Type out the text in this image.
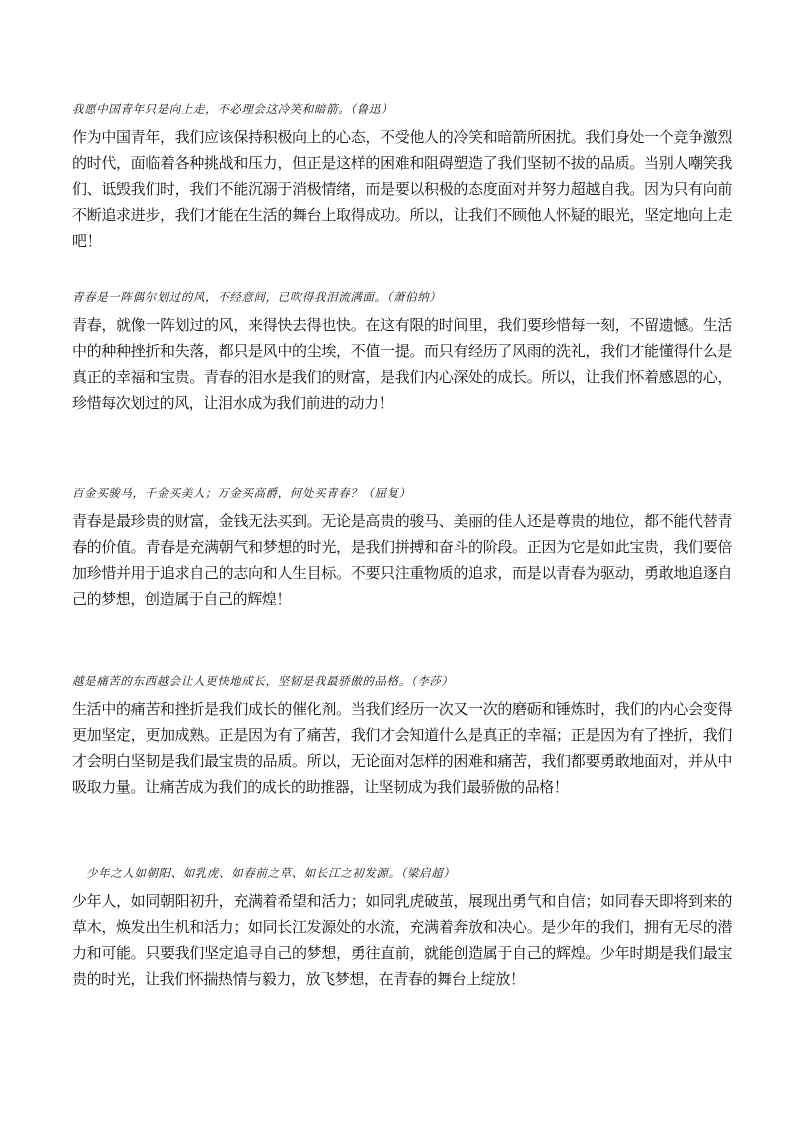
我愿中国青年只是向上走，不必理会这冷笑和暗箭。（鲁迅）

作为中国青年，我们应该保持积极向上的心态，不受他人的冷笑和暗箭所困扰。我们身处一个竞争激烈的时代，面临着各种挑战和压力，但正是这样的困难和阻碍塑造了我们坚韧不拔的品质。当别人嘲笑我们、诋毁我们时，我们不能沉溺于消极情绪，而是要以积极的态度面对并努力超越自我。因为只有向前不断追求进步，我们才能在生活的舞台上取得成功。所以，让我们不顾他人怀疑的眼光，坚定地向上走吧！

青春是一阵偶尔划过的风，不经意间，已吹得我泪流满面。（萧伯纳）

青春，就像一阵划过的风，来得快去得也快。在这有限的时间里，我们要珍惜每一刻，不留遗憾。生活中的种种挫折和失落，都只是风中的尘埃，不值一提。而只有经历了风雨的洗礼，我们才能懂得什么是真正的幸福和宝贵。青春的泪水是我们的财富，是我们内心深处的成长。所以，让我们怀着感恩的心，珍惜每次划过的风，让泪水成为我们前进的动力！

百金买骏马，千金买美人；万金买高爵，何处买青春？（屈复）

青春是最珍贵的财富，金钱无法买到。无论是高贵的骏马、美丽的佳人还是尊贵的地位，都不能代替青春的价值。青春是充满朝气和梦想的时光，是我们拼搏和奋斗的阶段。正因为它是如此宝贵，我们要倍加珍惜并用于追求自己的志向和人生目标。不要只注重物质的追求，而是以青春为驱动，勇敢地追逐自己的梦想，创造属于自己的辉煌！

越是痛苦的东西越会让人更快地成长，坚韧是我最骄傲的品格。（李莎）

生活中的痛苦和挫折是我们成长的催化剂。当我们经历一次又一次的磨砺和锤炼时，我们的内心会变得更加坚定，更加成熟。正是因为有了痛苦，我们才会知道什么是真正的幸福；正是因为有了挫折，我们才会明白坚韧是我们最宝贵的品质。所以，无论面对怎样的困难和痛苦，我们都要勇敢地面对，并从中吸取力量。让痛苦成为我们的成长的助推器，让坚韧成为我们最骄傲的品格！

少年之人如朝阳、如乳虎、如春前之草、如长江之初发源。（梁启超）

少年人，如同朝阳初升，充满着希望和活力；如同乳虎破茧，展现出勇气和自信；如同春天即将到来的草木，焕发出生机和活力；如同长江发源处的水流，充满着奔放和决心。是少年的我们，拥有无尽的潜力和可能。只要我们坚定追寻自己的梦想，勇往直前，就能创造属于自己的辉煌。少年时期是我们最宝贵的时光，让我们怀揣热情与毅力，放飞梦想，在青春的舞台上绽放！
